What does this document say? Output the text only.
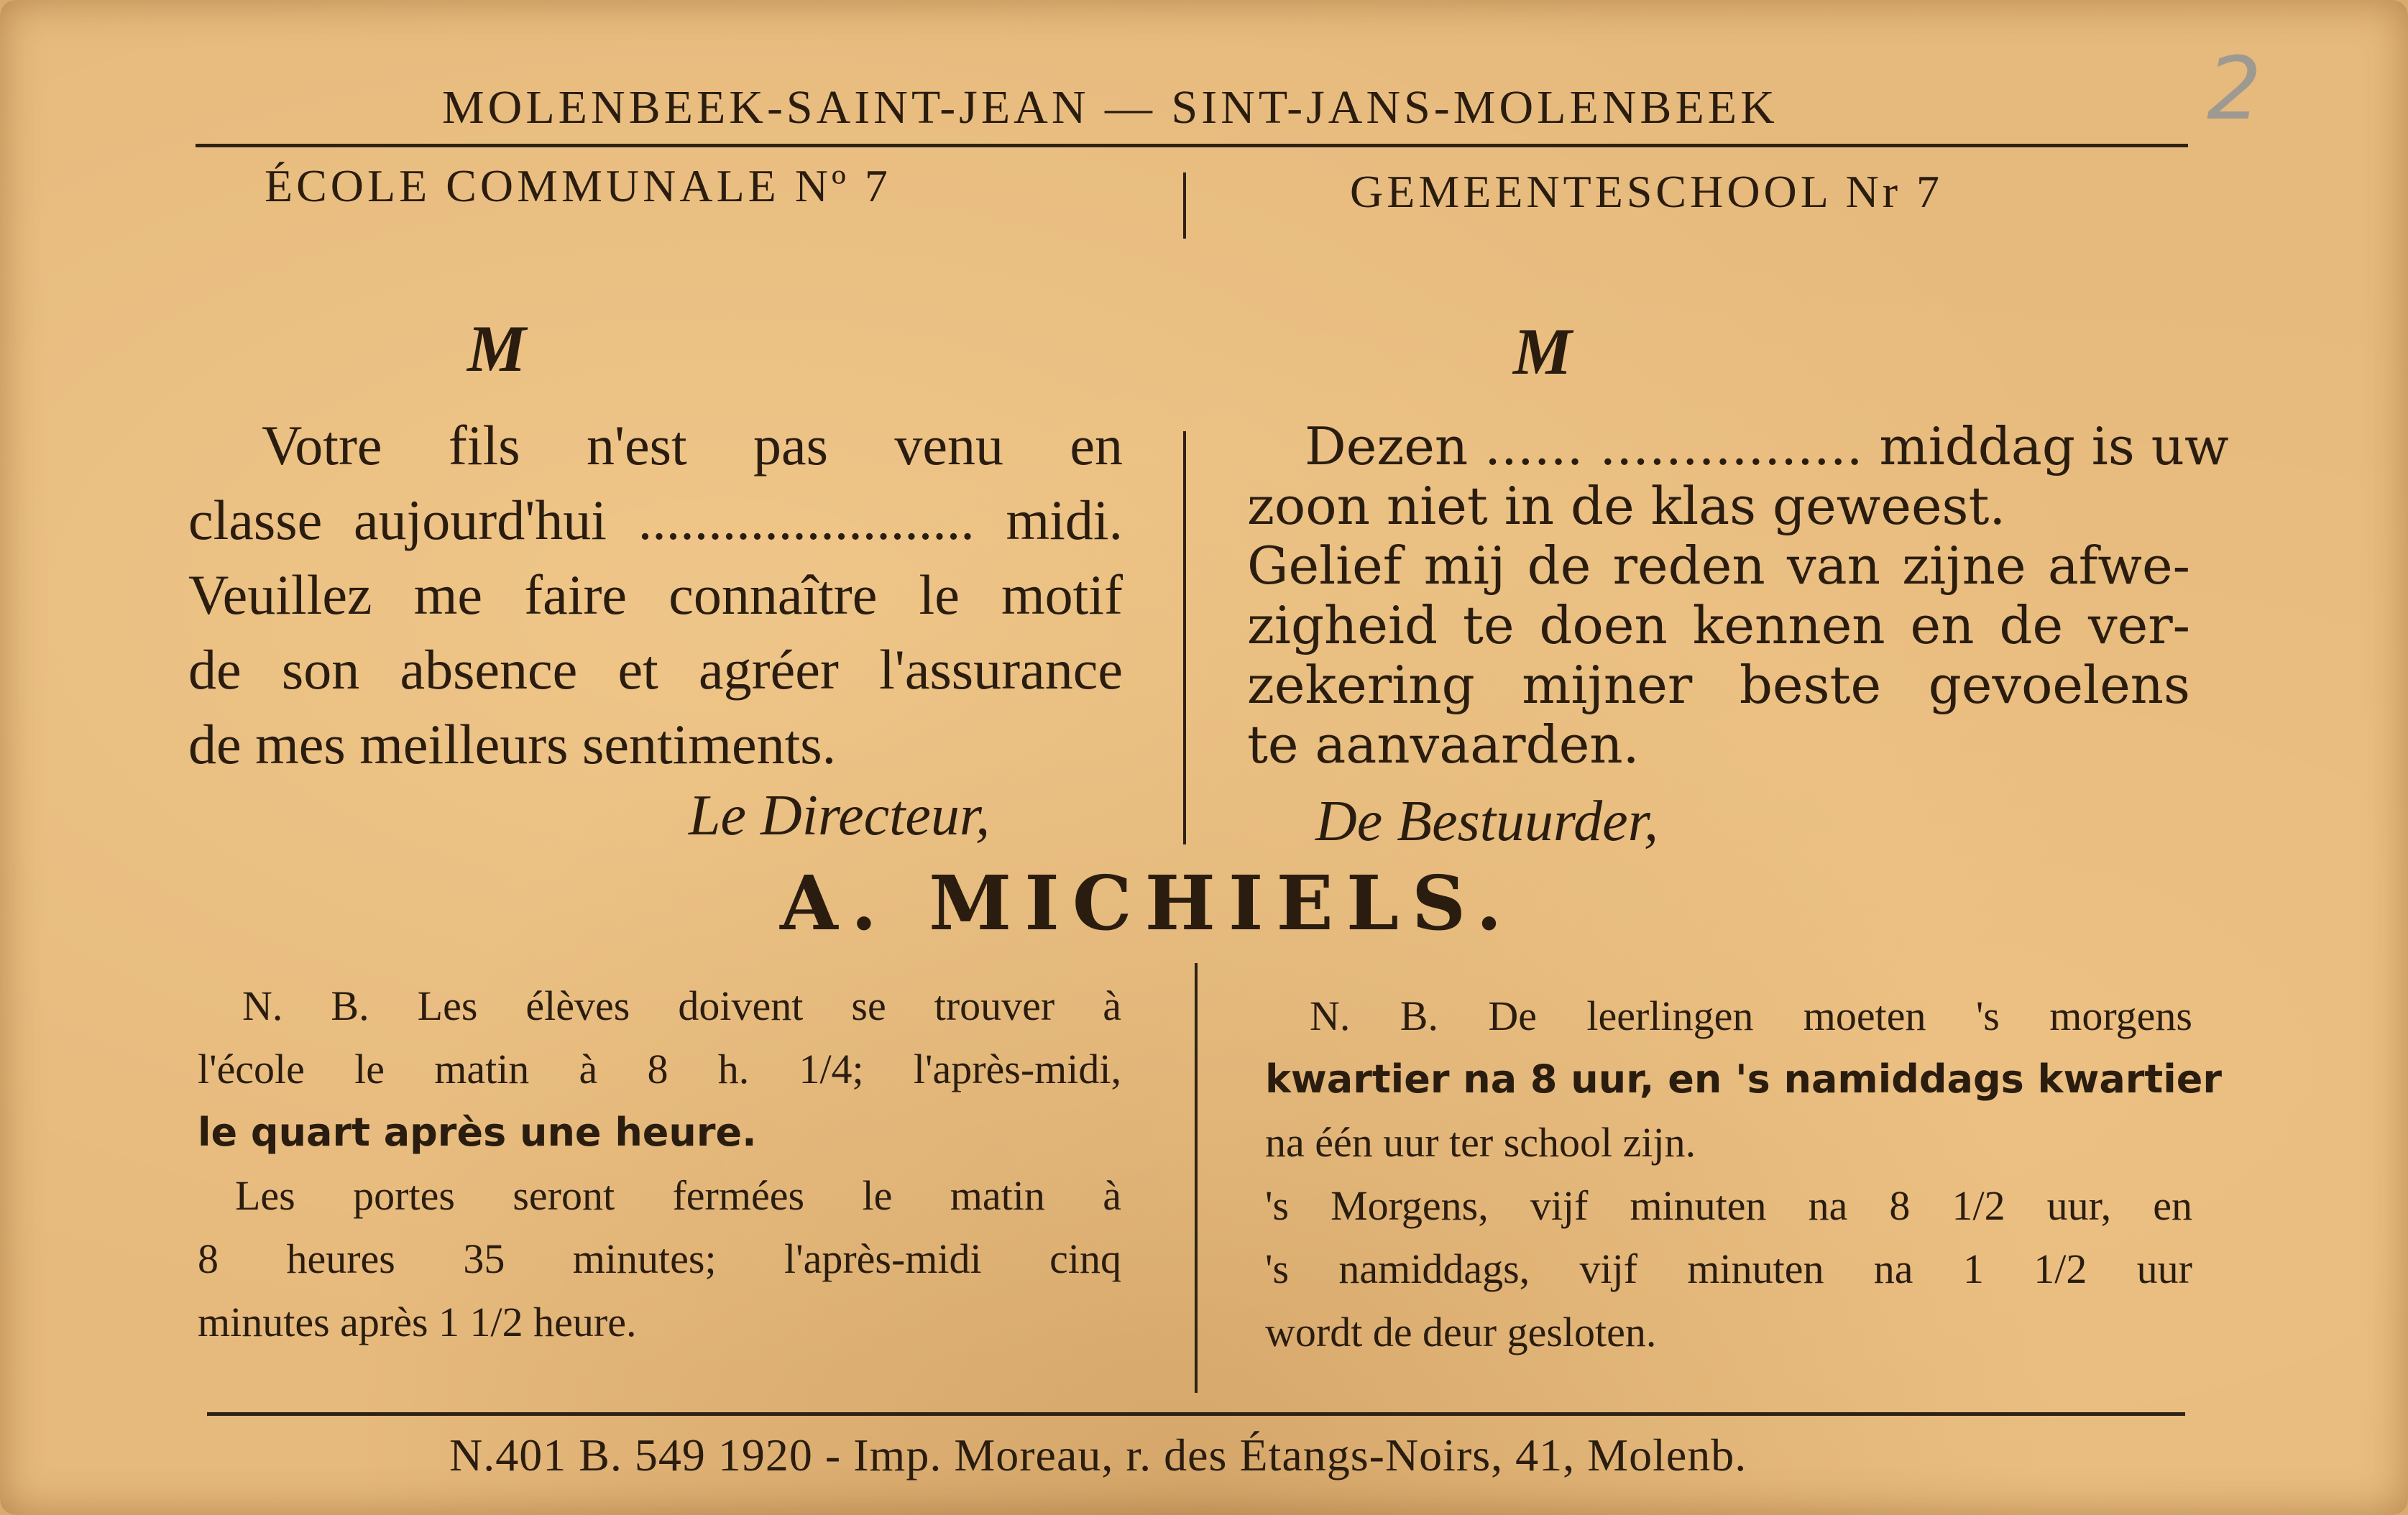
MOLENBEEK-SAINT-JEAN — SINT-JANS-MOLENBEEK	2
ÉCOLE COMMUNALE Nº 7	GEMEENTESCHOOL Nr 7
M	M
Votre fils n'est pas venu en
classe aujourd'hui ........................ midi.
Veuillez me faire connaître le motif
de son absence et agréer l'assurance
de mes meilleurs sentiments.
Le Directeur,
Dezen ...... ................ middag is uw
zoon niet in de klas geweest.
Gelief mij de reden van zijne afwe-
zigheid te doen kennen en de ver-
zekering mijner beste gevoelens
te aanvaarden.
De Bestuurder,
A. MICHIELS.
N. B. Les élèves doivent se trouver à
l'école le matin à 8 h. 1/4; l'après-midi,
le quart après une heure.
Les portes seront fermées le matin à
8 heures 35 minutes; l'après-midi cinq
minutes après 1 1/2 heure.
N. B. De leerlingen moeten 's morgens
kwartier na 8 uur, en 's namiddags kwartier
na één uur ter school zijn.
's Morgens, vijf minuten na 8 1/2 uur, en
's namiddags, vijf minuten na 1 1/2 uur
wordt de deur gesloten.
N.401 B. 549 1920 - Imp. Moreau, r. des Étangs-Noirs, 41, Molenb.
